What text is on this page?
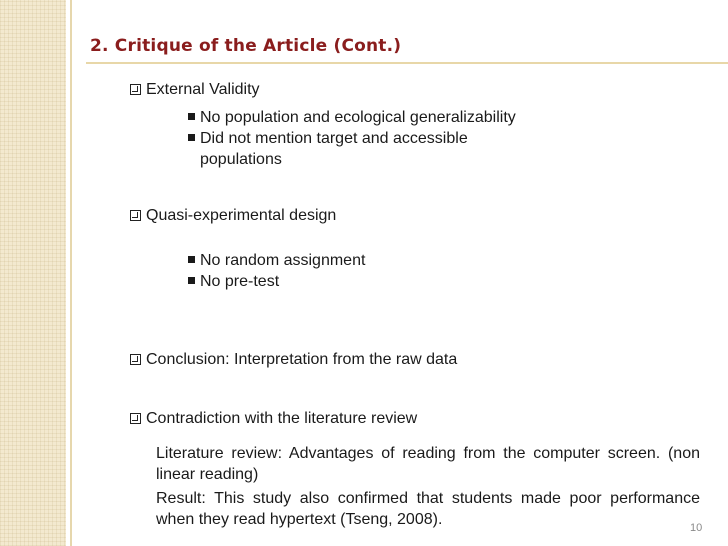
2. Critique of the Article (Cont.)
External Validity
No population and ecological generalizability
Did not mention target and accessible
populations
Quasi-experimental design
No random assignment
No pre-test
Conclusion: Interpretation from the raw data
Contradiction with the literature review
Literature review: Advantages of reading from the computer screen. (non linear reading)
Result: This study also confirmed that students made poor performance when they read hypertext (Tseng, 2008).	10
